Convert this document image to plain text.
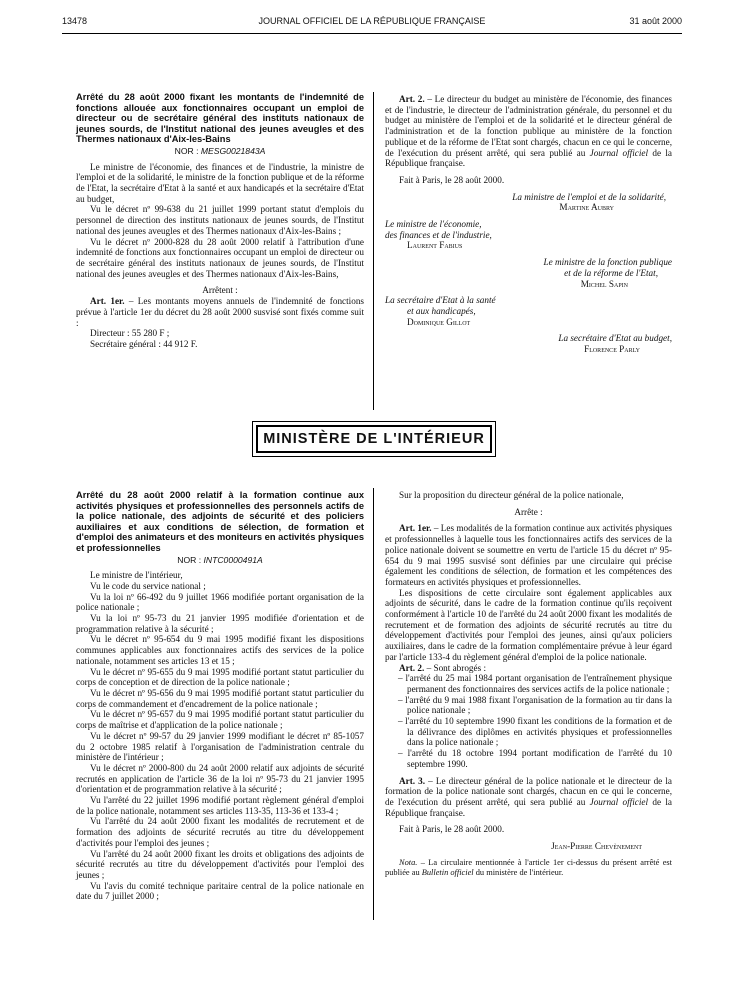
JOURNAL OFFICIEL DE LA RÉPUBLIQUE FRANÇAISE
13478	31 août 2000
Arrêté du 28 août 2000 fixant les montants de l'indemnité de fonctions allouée aux fonctionnaires occupant un emploi de directeur ou de secrétaire général des instituts nationaux de jeunes sourds, de l'Institut national des jeunes aveugles et des Thermes nationaux d'Aix-les-Bains
NOR : MESG0021843A

Le ministre de l'économie, des finances et de l'industrie, la ministre de l'emploi et de la solidarité, le ministre de la fonction publique et de la réforme de l'Etat, la secrétaire d'Etat à la santé et aux handicapés et la secrétaire d'Etat au budget,

Vu le décret nº 99-638 du 21 juillet 1999 portant statut d'emplois du personnel de direction des instituts nationaux de jeunes sourds, de l'Institut national des jeunes aveugles et des Thermes nationaux d'Aix-les-Bains ;

Vu le décret nº 2000-828 du 28 août 2000 relatif à l'attribution d'une indemnité de fonctions aux fonctionnaires occupant un emploi de directeur ou de secrétaire général des instituts nationaux de jeunes sourds, de l'Institut national des jeunes aveugles et des Thermes nationaux d'Aix-les-Bains,

Arrêtent :

Art. 1er. – Les montants moyens annuels de l'indemnité de fonctions prévue à l'article 1er du décret du 28 août 2000 susvisé sont fixés comme suit :

Directeur : 55 280 F ;

Secrétaire général : 44 912 F.

Art. 2. – Le directeur du budget au ministère de l'économie, des finances et de l'industrie, le directeur de l'administration générale, du personnel et du budget au ministère de l'emploi et de la solidarité et le directeur général de l'administration et de la fonction publique au ministère de la fonction publique et de la réforme de l'Etat sont chargés, chacun en ce qui le concerne, de l'exécution du présent arrêté, qui sera publié au Journal officiel de la République française.

Fait à Paris, le 28 août 2000.

La ministre de l'emploi et de la solidarité,

Martine Aubry

Le ministre de l'économie,

des finances et de l'industrie,

Laurent Fabius

Le ministre de la fonction publique

et de la réforme de l'Etat,

Michel Sapin

La secrétaire d'Etat à la santé

et aux handicapés,

Dominique Gillot

La secrétaire d'Etat au budget,

Florence Parly

MINISTÈRE DE L'INTÉRIEUR
Arrêté du 28 août 2000 relatif à la formation continue aux activités physiques et professionnelles des personnels actifs de la police nationale, des adjoints de sécurité et des policiers auxiliaires et aux conditions de sélection, de formation et d'emploi des animateurs et des moniteurs en activités physiques et professionnelles
NOR : INTC0000491A

Le ministre de l'intérieur,

Vu le code du service national ;

Vu la loi nº 66-492 du 9 juillet 1966 modifiée portant organisation de la police nationale ;

Vu la loi nº 95-73 du 21 janvier 1995 modifiée d'orientation et de programmation relative à la sécurité ;

Vu le décret nº 95-654 du 9 mai 1995 modifié fixant les dispositions communes applicables aux fonctionnaires actifs des services de la police nationale, notamment ses articles 13 et 15 ;

Vu le décret nº 95-655 du 9 mai 1995 modifié portant statut particulier du corps de conception et de direction de la police nationale ;

Vu le décret nº 95-656 du 9 mai 1995 modifié portant statut particulier du corps de commandement et d'encadrement de la police nationale ;

Vu le décret nº 95-657 du 9 mai 1995 modifié portant statut particulier du corps de maîtrise et d'application de la police nationale ;

Vu le décret nº 99-57 du 29 janvier 1999 modifiant le décret nº 85-1057 du 2 octobre 1985 relatif à l'organisation de l'administration centrale du ministère de l'intérieur ;

Vu le décret nº 2000-800 du 24 août 2000 relatif aux adjoints de sécurité recrutés en application de l'article 36 de la loi nº 95-73 du 21 janvier 1995 d'orientation et de programmation relative à la sécurité ;

Vu l'arrêté du 22 juillet 1996 modifié portant règlement général d'emploi de la police nationale, notamment ses articles 113-35, 113-36 et 133-4 ;

Vu l'arrêté du 24 août 2000 fixant les modalités de recrutement et de formation des adjoints de sécurité recrutés au titre du développement d'activités pour l'emploi des jeunes ;

Vu l'arrêté du 24 août 2000 fixant les droits et obligations des adjoints de sécurité recrutés au titre du développement d'activités pour l'emploi des jeunes ;

Vu l'avis du comité technique paritaire central de la police nationale en date du 7 juillet 2000 ;

Sur la proposition du directeur général de la police nationale,

Arrête :

Art. 1er. – Les modalités de la formation continue aux activités physiques et professionnelles à laquelle tous les fonctionnaires actifs des services de la police nationale doivent se soumettre en vertu de l'article 15 du décret nº 95-654 du 9 mai 1995 susvisé sont définies par une circulaire qui précise également les conditions de sélection, de formation et les compétences des formateurs en activités physiques et professionnelles.

Les dispositions de cette circulaire sont également applicables aux adjoints de sécurité, dans le cadre de la formation continue qu'ils reçoivent conformément à l'article 10 de l'arrêté du 24 août 2000 fixant les modalités de recrutement et de formation des adjoints de sécurité recrutés au titre du développement d'activités pour l'emploi des jeunes, ainsi qu'aux policiers auxiliaires, dans le cadre de la formation complémentaire prévue à leur égard par l'article 133-4 du règlement général d'emploi de la police nationale.

Art. 2. – Sont abrogés :

– l'arrêté du 25 mai 1984 portant organisation de l'entraînement physique permanent des fonctionnaires des services actifs de la police nationale ;
– l'arrêté du 9 mai 1988 fixant l'organisation de la formation au tir dans la police nationale ;
– l'arrêté du 10 septembre 1990 fixant les conditions de la formation et de la délivrance des diplômes en activités physiques et professionnelles dans la police nationale ;
– l'arrêté du 18 octobre 1994 portant modification de l'arrêté du 10 septembre 1990.

Art. 3. – Le directeur général de la police nationale et le directeur de la formation de la police nationale sont chargés, chacun en ce qui le concerne, de l'exécution du présent arrêté, qui sera publié au Journal officiel de la République française.

Fait à Paris, le 28 août 2000.

Jean-Pierre Chevènement

Nota. – La circulaire mentionnée à l'article 1er ci-dessus du présent arrêté est publiée au Bulletin officiel du ministère de l'intérieur.
